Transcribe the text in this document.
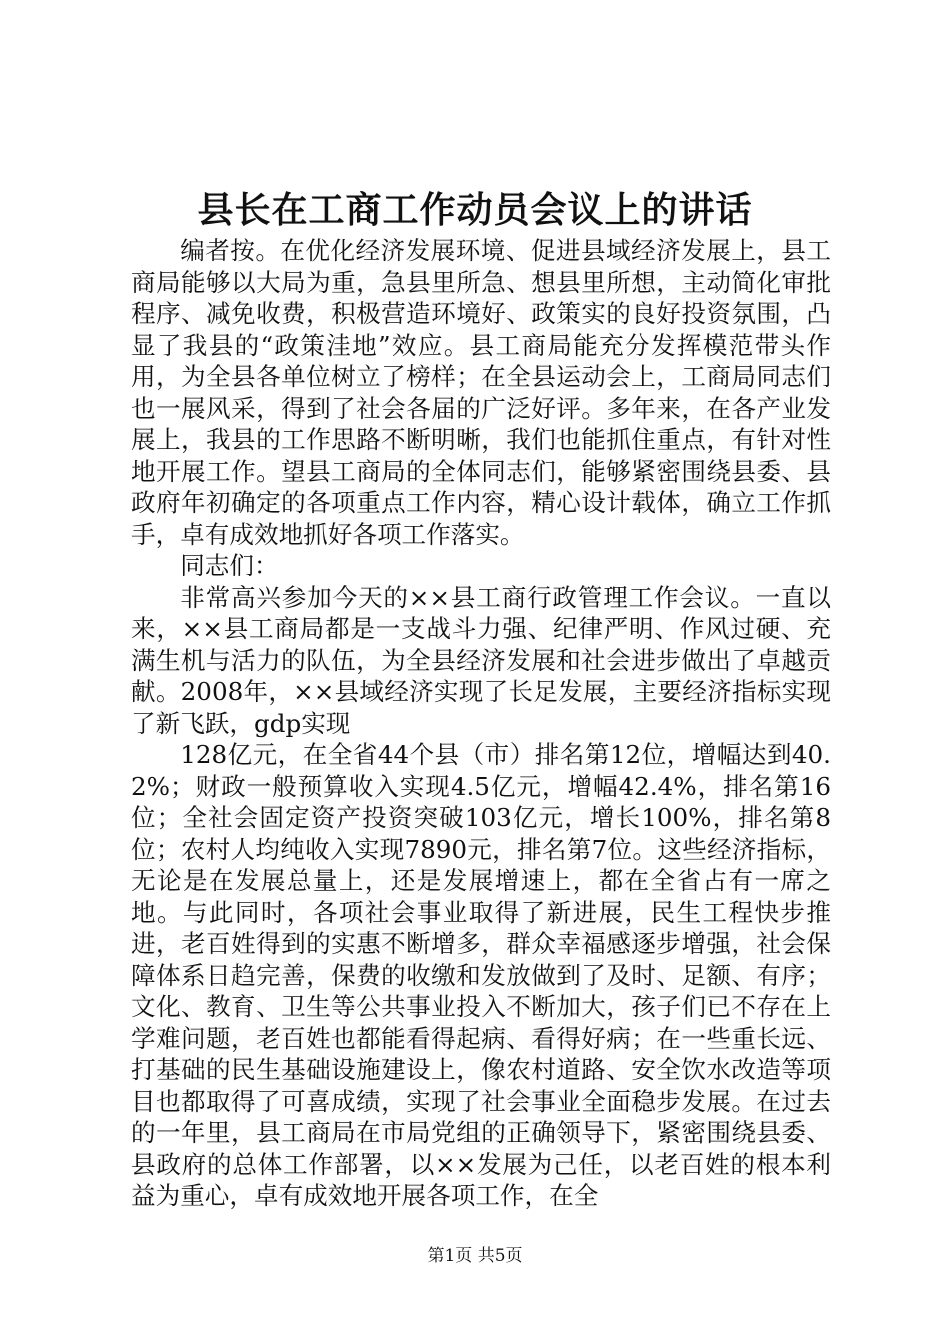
县长在工商工作动员会议上的讲话

编者按。在优化经济发展环境、促进县域经济发展上，县工商局能够以大局为重，急县里所急、想县里所想，主动简化审批程序、减免收费，积极营造环境好、政策实的良好投资氛围，凸显了我县的“政策洼地”效应。县工商局能充分发挥模范带头作用，为全县各单位树立了榜样；在全县运动会上，工商局同志们也一展风采，得到了社会各届的广泛好评。多年来，在各产业发展上，我县的工作思路不断明晰，我们也能抓住重点，有针对性地开展工作。望县工商局的全体同志们，能够紧密围绕县委、县政府年初确定的各项重点工作内容，精心设计载体，确立工作抓手，卓有成效地抓好各项工作落实。

同志们：

非常高兴参加今天的××县工商行政管理工作会议。一直以来，××县工商局都是一支战斗力强、纪律严明、作风过硬、充满生机与活力的队伍，为全县经济发展和社会进步做出了卓越贡献。2008年，××县域经济实现了长足发展，主要经济指标实现了新飞跃，gdp实现

128亿元，在全省44个县（市）排名第12位，增幅达到40.2%；财政一般预算收入实现4.5亿元，增幅42.4%，排名第16位；全社会固定资产投资突破103亿元，增长100%，排名第8位；农村人均纯收入实现7890元，排名第7位。这些经济指标，无论是在发展总量上，还是发展增速上，都在全省占有一席之地。与此同时，各项社会事业取得了新进展，民生工程快步推进，老百姓得到的实惠不断增多，群众幸福感逐步增强，社会保障体系日趋完善，保费的收缴和发放做到了及时、足额、有序；文化、教育、卫生等公共事业投入不断加大，孩子们已不存在上学难问题，老百姓也都能看得起病、看得好病；在一些重长远、打基础的民生基础设施建设上，像农村道路、安全饮水改造等项目也都取得了可喜成绩，实现了社会事业全面稳步发展。在过去的一年里，县工商局在市局党组的正确领导下，紧密围绕县委、县政府的总体工作部署，以××发展为己任，以老百姓的根本利益为重心，卓有成效地开展各项工作，在全

第1页 共5页
